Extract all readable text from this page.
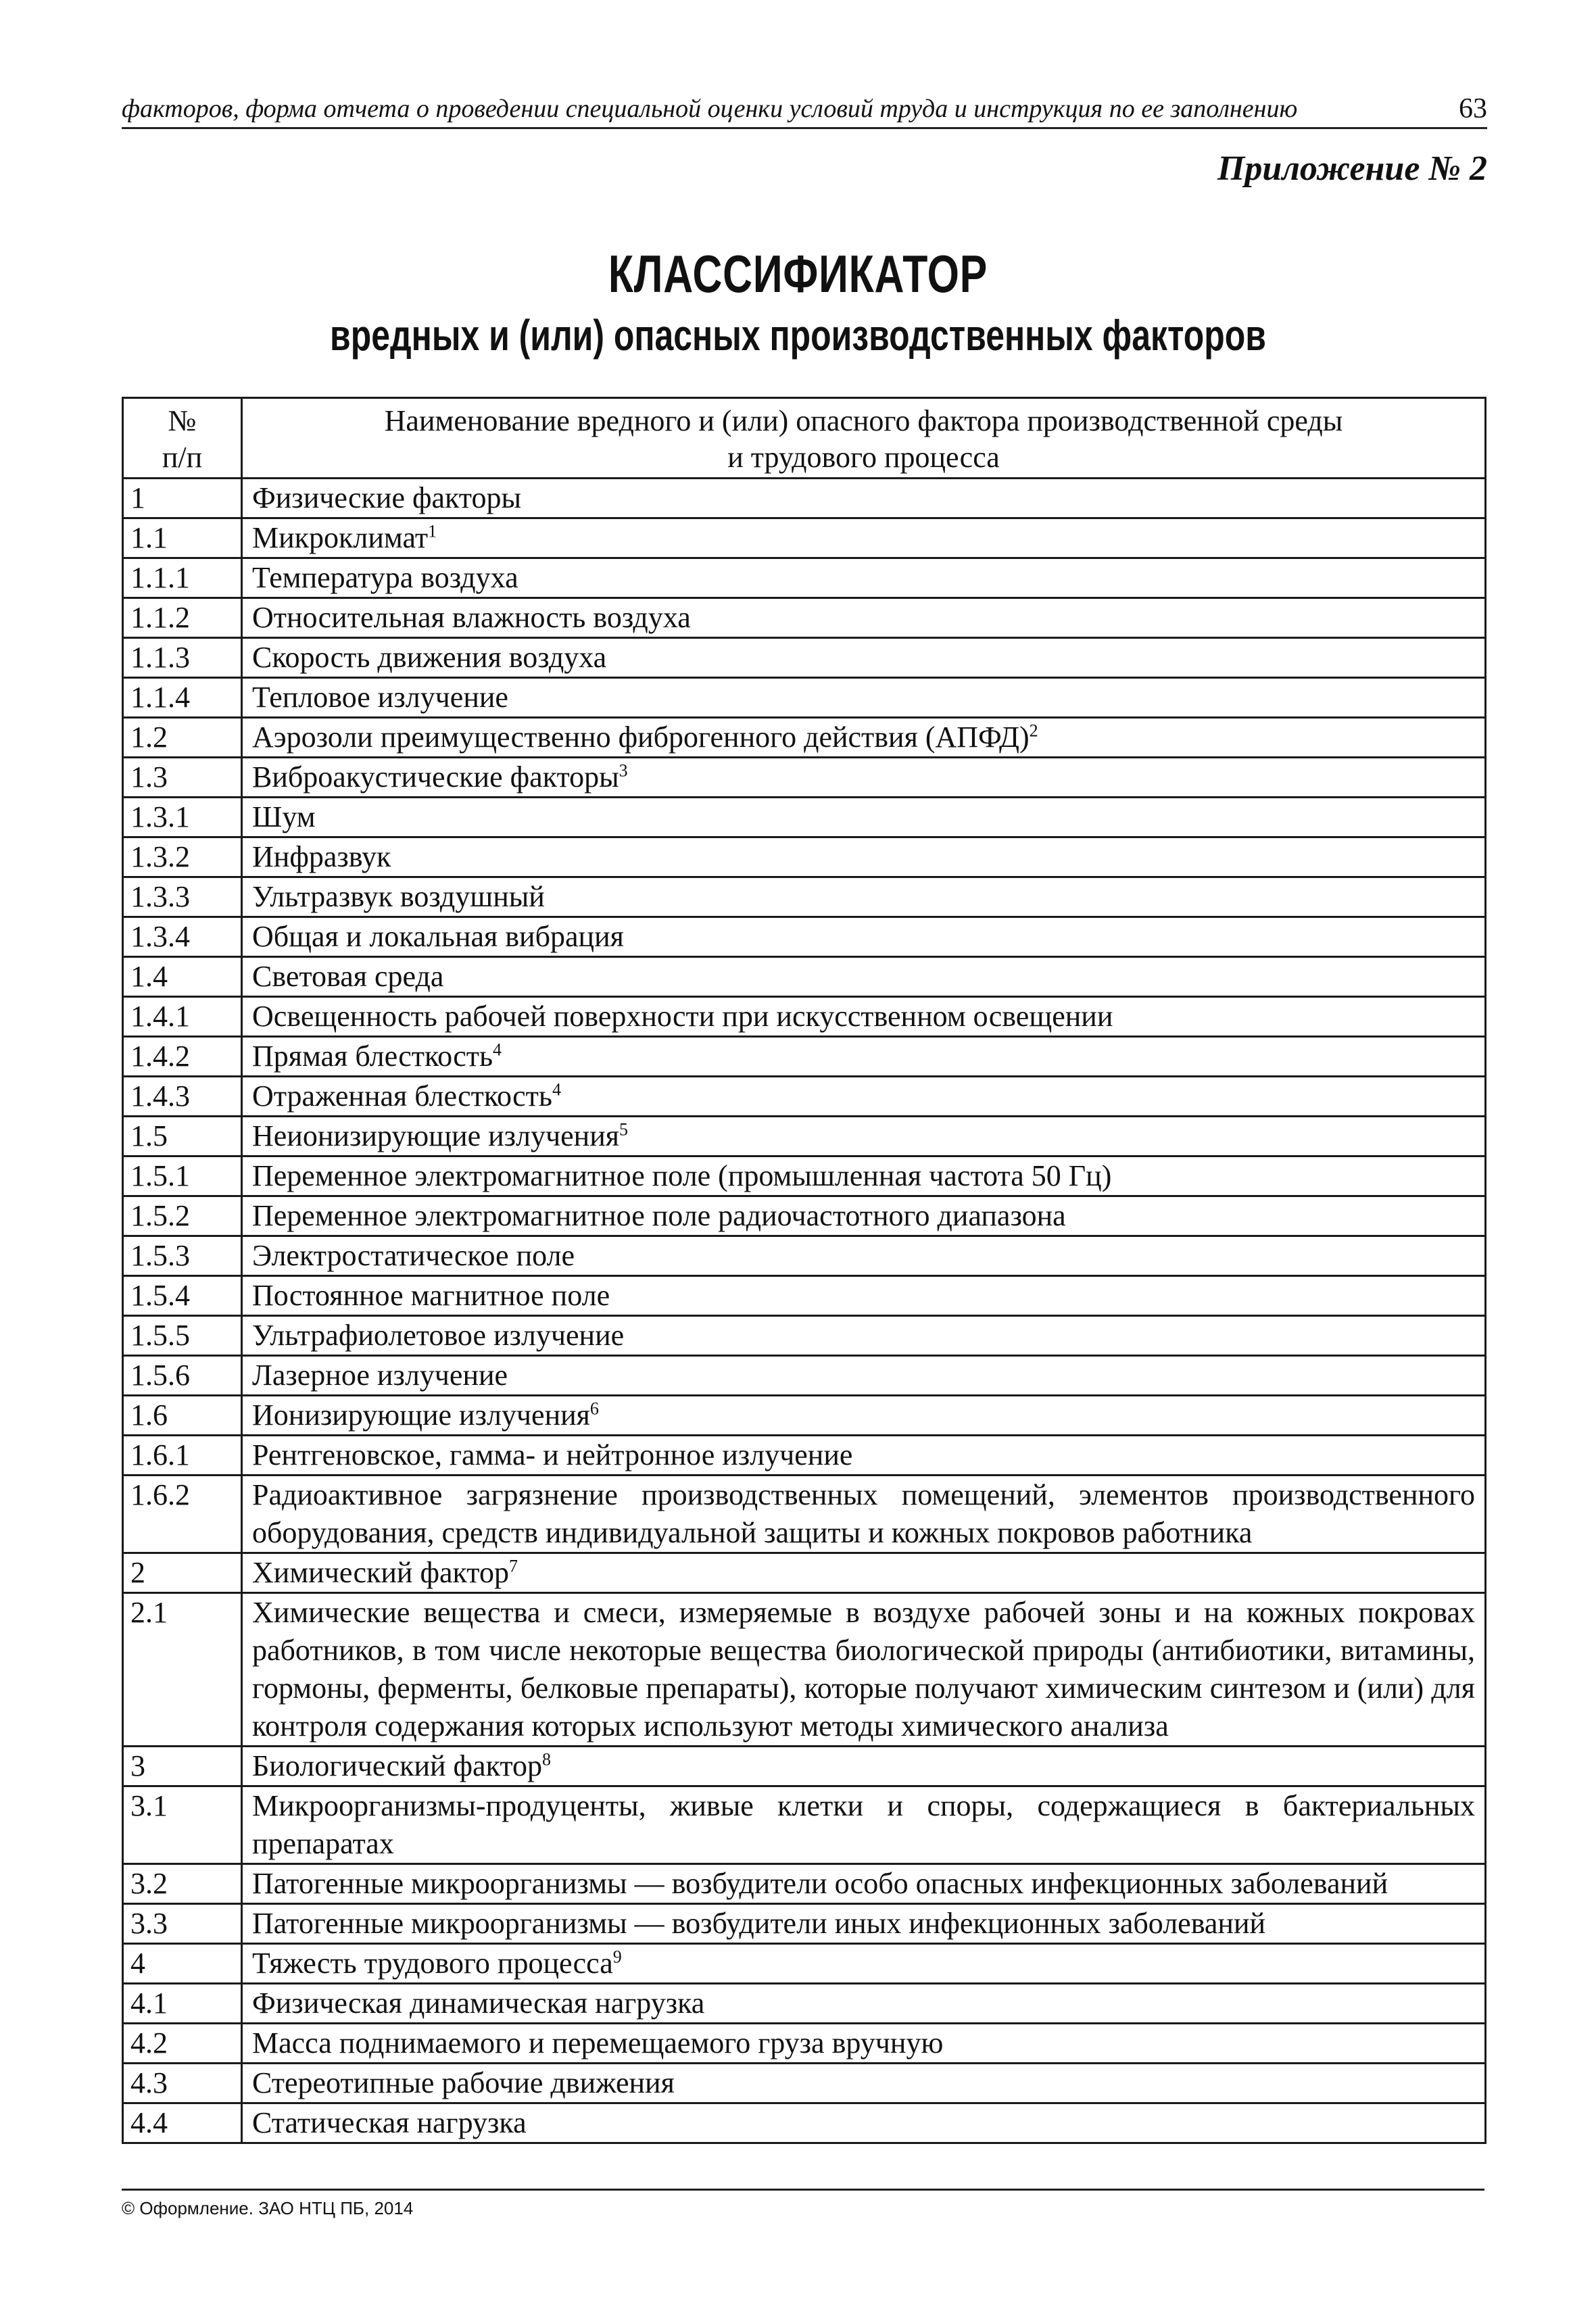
факторов, форма отчета о проведении специальной оценки условий труда и инструкция по ее заполнению	63
Приложение № 2
КЛАССИФИКАТОР
вредных и (или) опасных производственных факторов
№
п/п	Наименование вредного и (или) опасного фактора производственной среды
и трудового процесса
1	Физические факторы
1.1	Микроклимат$^1$
1.1.1	Температура воздуха
1.1.2	Относительная влажность воздуха
1.1.3	Скорость движения воздуха
1.1.4	Тепловое излучение
1.2	Аэрозоли преимущественно фиброгенного действия (АПФД)$^2$
1.3	Виброакустические факторы$^3$
1.3.1	Шум
1.3.2	Инфразвук
1.3.3	Ультразвук воздушный
1.3.4	Общая и локальная вибрация
1.4	Световая среда
1.4.1	Освещенность рабочей поверхности при искусственном освещении
1.4.2	Прямая блесткость$^4$
1.4.3	Отраженная блесткость$^4$
1.5	Неионизирующие излучения$^5$
1.5.1	Переменное электромагнитное поле (промышленная частота 50 Гц)
1.5.2	Переменное электромагнитное поле радиочастотного диапазона
1.5.3	Электростатическое поле
1.5.4	Постоянное магнитное поле
1.5.5	Ультрафиолетовое излучение
1.5.6	Лазерное излучение
1.6	Ионизирующие излучения$^6$
1.6.1	Рентгеновское, гамма- и нейтронное излучение
1.6.2	Радиоактивное загрязнение производственных помещений, элементов производственного оборудования, средств индивидуальной защиты и кожных покровов работника
2	Химический фактор$^7$
2.1	Химические вещества и смеси, измеряемые в воздухе рабочей зоны и на кожных покровах работников, в том числе некоторые вещества биологической природы (антибиотики, витамины, гормоны, ферменты, белковые препараты), которые получают химическим синтезом и (или) для контроля содержания которых используют методы химического анализа
3	Биологический фактор$^8$
3.1	Микроорганизмы-продуценты, живые клетки и споры, содержащиеся в бактериальных препаратах
3.2	Патогенные микроорганизмы — возбудители особо опасных инфекционных заболеваний
3.3	Патогенные микроорганизмы — возбудители иных инфекционных заболеваний
4	Тяжесть трудового процесса$^9$
4.1	Физическая динамическая нагрузка
4.2	Масса поднимаемого и перемещаемого груза вручную
4.3	Стереотипные рабочие движения
4.4	Статическая нагрузка
© Оформление. ЗАО НТЦ ПБ, 2014
